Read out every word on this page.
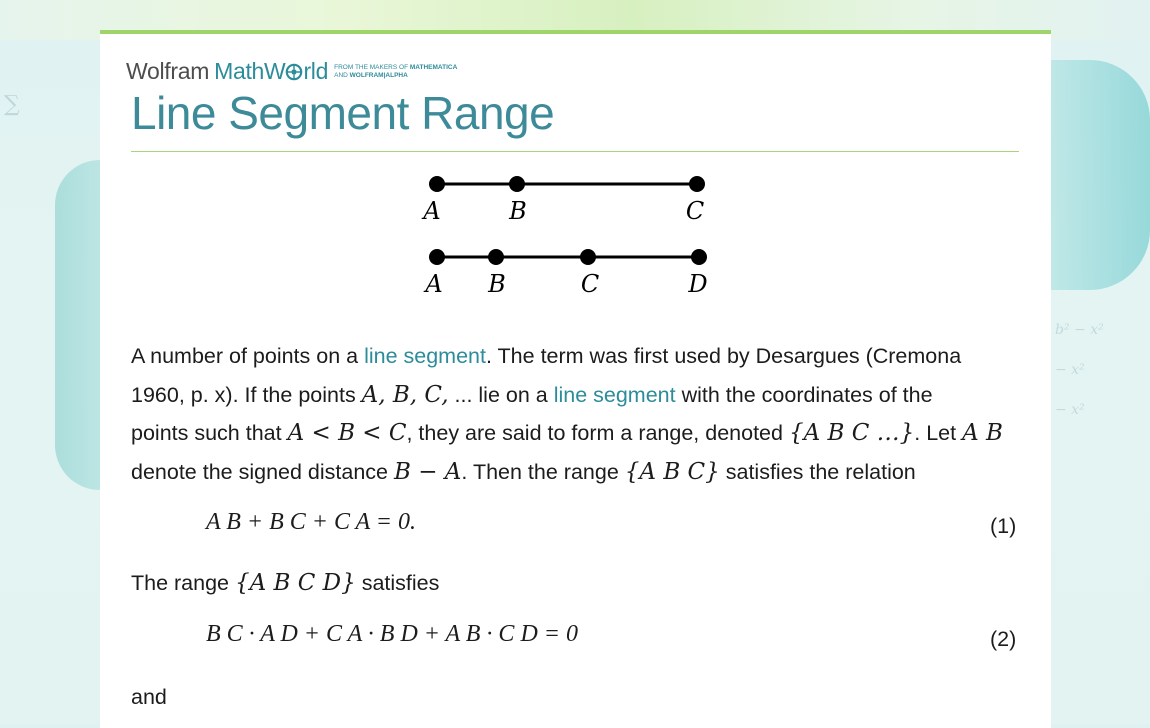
∑
b² − x²
− x²
− x²
Wolfram MathW rld FROM THE MAKERS OF MATHEMATICA
AND WOLFRAM|ALPHA
Line Segment Range
A	B	C
A B	C	D

A number of points on a line segment. The term was first used by Desargues (Cremona
1960, p. x). If the points A, B, C, ... lie on a line segment with the coordinates of the
points such that A < B < C, they are said to form a range, denoted {A B C …}. Let A B
denote the signed distance B − A. Then the range {A B C} satisfies the relation

A B + B C + C A = 0.	(1)

The range {A B C D} satisfies

B C · A D + C A · B D + A B · C D = 0	(2)

and
